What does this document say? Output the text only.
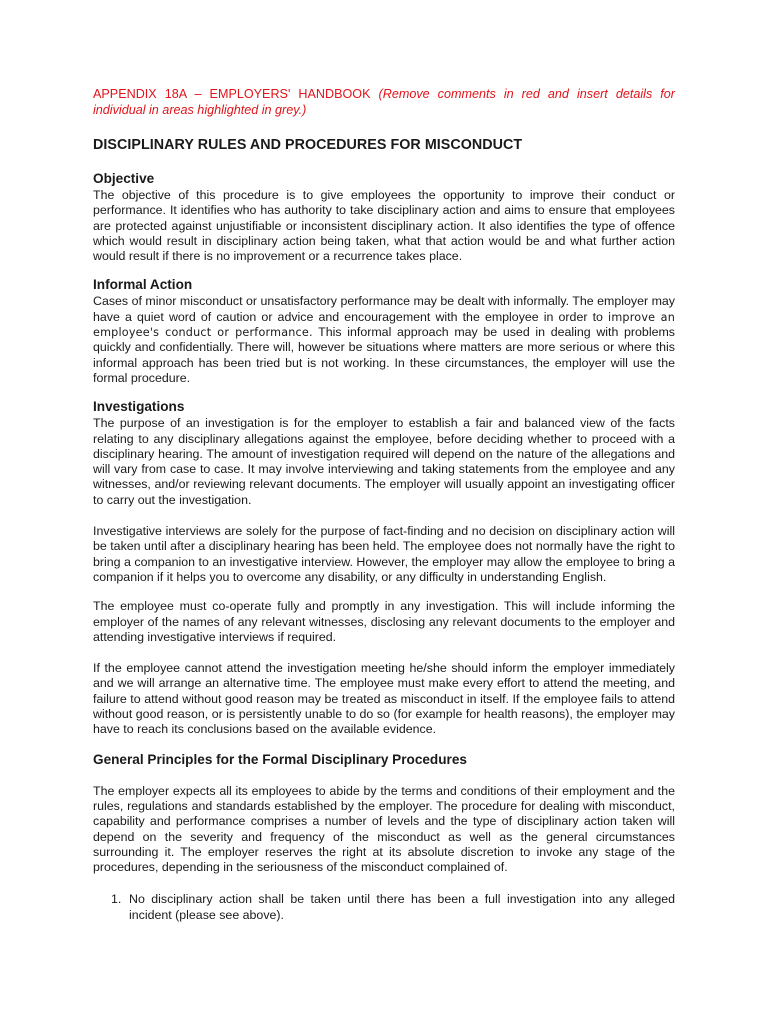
APPENDIX 18A – EMPLOYERS' HANDBOOK (Remove comments in red and insert details for individual in areas highlighted in grey.)

DISCIPLINARY RULES AND PROCEDURES FOR MISCONDUCT
Objective

The objective of this procedure is to give employees the opportunity to improve their conduct or performance. It identifies who has authority to take disciplinary action and aims to ensure that employees are protected against unjustifiable or inconsistent disciplinary action. It also identifies the type of offence which would result in disciplinary action being taken, what that action would be and what further action would result if there is no improvement or a recurrence takes place.

Informal Action

Cases of minor misconduct or unsatisfactory performance may be dealt with informally. The employer may have a quiet word of caution or advice and encouragement with the employee in order to improve an employee's conduct or performance. This informal approach may be used in dealing with problems quickly and confidentially. There will, however be situations where matters are more serious or where this informal approach has been tried but is not working. In these circumstances, the employer will use the formal procedure.

Investigations

The purpose of an investigation is for the employer to establish a fair and balanced view of the facts relating to any disciplinary allegations against the employee, before deciding whether to proceed with a disciplinary hearing. The amount of investigation required will depend on the nature of the allegations and will vary from case to case. It may involve interviewing and taking statements from the employee and any witnesses, and/or reviewing relevant documents. The employer will usually appoint an investigating officer to carry out the investigation.

Investigative interviews are solely for the purpose of fact-finding and no decision on disciplinary action will be taken until after a disciplinary hearing has been held. The employee does not normally have the right to bring a companion to an investigative interview. However, the employer may allow the employee to bring a companion if it helps you to overcome any disability, or any difficulty in understanding English.

The employee must co-operate fully and promptly in any investigation. This will include informing the employer of the names of any relevant witnesses, disclosing any relevant documents to the employer and attending investigative interviews if required.

If the employee cannot attend the investigation meeting he/she should inform the employer immediately and we will arrange an alternative time. The employee must make every effort to attend the meeting, and failure to attend without good reason may be treated as misconduct in itself. If the employee fails to attend without good reason, or is persistently unable to do so (for example for health reasons), the employer may have to reach its conclusions based on the available evidence.

General Principles for the Formal Disciplinary Procedures

The employer expects all its employees to abide by the terms and conditions of their employment and the rules, regulations and standards established by the employer. The procedure for dealing with misconduct, capability and performance comprises a number of levels and the type of disciplinary action taken will depend on the severity and frequency of the misconduct as well as the general circumstances surrounding it. The employer reserves the right at its absolute discretion to invoke any stage of the procedures, depending in the seriousness of the misconduct complained of.

1. No disciplinary action shall be taken until there has been a full investigation into any alleged incident (please see above).
